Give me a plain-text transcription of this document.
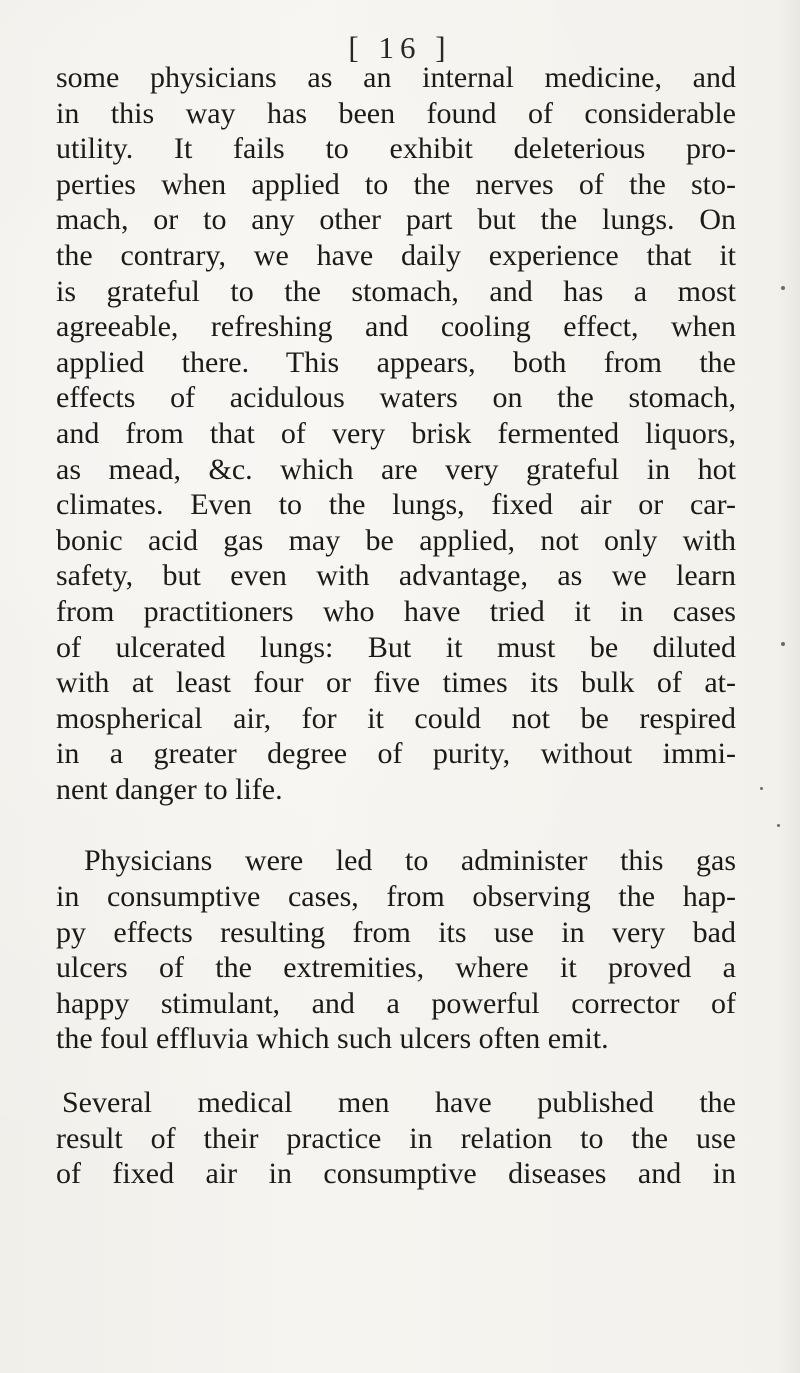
[ 16 ]

some physicians as an internal medicine, and
in this way has been found of considerable
utility. It fails to exhibit deleterious pro-
perties when applied to the nerves of the sto-
mach, or to any other part but the lungs. On
the contrary, we have daily experience that it
is grateful to the stomach, and has a most
agreeable, refreshing and cooling effect, when
applied there. This appears, both from the
effects of acidulous waters on the stomach,
and from that of very brisk fermented liquors,
as mead, &c. which are very grateful in hot
climates. Even to the lungs, fixed air or car-
bonic acid gas may be applied, not only with
safety, but even with advantage, as we learn
from practitioners who have tried it in cases
of ulcerated lungs: But it must be diluted
with at least four or five times its bulk of at-
mospherical air, for it could not be respired
in a greater degree of purity, without immi-
nent danger to life.

Physicians were led to administer this gas
in consumptive cases, from observing the hap-
py effects resulting from its use in very bad
ulcers of the extremities, where it proved a
happy stimulant, and a powerful corrector of
the foul effluvia which such ulcers often emit.

Several medical men have published the
result of their practice in relation to the use
of fixed air in consumptive diseases and in
